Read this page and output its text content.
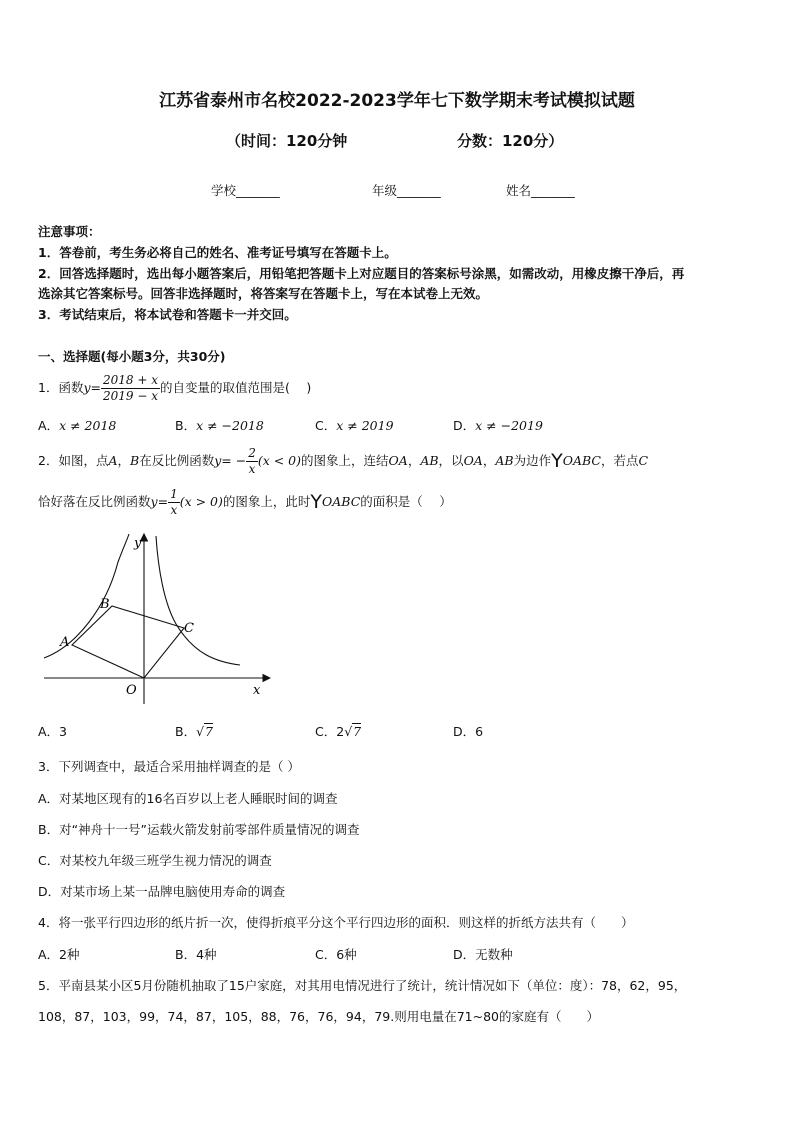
江苏省泰州市名校2022-2023学年七下数学期末考试模拟试题
（时间：120分钟	分数：120分）
学校_______	年级_______	姓名_______
注意事项：
1．答卷前，考生务必将自己的姓名、准考证号填写在答题卡上。
2．回答选择题时，选出每小题答案后，用铅笔把答题卡上对应题目的答案标号涂黑，如需改动，用橡皮擦干净后，再
选涂其它答案标号。回答非选择题时，将答案写在答题卡上，写在本试卷上无效。
3．考试结束后，将本试卷和答题卡一并交回。
一、选择题(每小题3分，共30分)
1．函数$y= \frac{2018 + x}{2019 - x}$ 的自变量的取值范围是(　 )
A．x ≠ 2018	B．x ≠ −2018	C．x ≠ 2019	D．x ≠ −2019
2．如图，点A，B在反比例函数$y= - \frac{2}{x} (x < 0)$的图象上，连结OA，AB，以OA，AB为边作YOABC，若点C
恰好落在反比例函数$y= \frac{1}{x} (x > 0)$的图象上，此时YOABC的面积是（　 ）
y
x
O
A
B
C
A．3	B．√7	C．2√7	D．6
3．下列调查中，最适合采用抽样调查的是（ ）
A．对某地区现有的16名百岁以上老人睡眠时间的调查
B．对“神舟十一号”运载火箭发射前零部件质量情况的调查
C．对某校九年级三班学生视力情况的调查
D．对某市场上某一品牌电脑使用寿命的调查
4．将一张平行四边形的纸片折一次，使得折痕平分这个平行四边形的面积．则这样的折纸方法共有（　　）
A．2种	B．4种	C．6种	D．无数种
5．平南县某小区5月份随机抽取了15户家庭，对其用电情况进行了统计，统计情况如下（单位：度）：78，62，95，
108，87，103，99，74，87，105，88，76，76，94，79.则用电量在71~80的家庭有（　　）
